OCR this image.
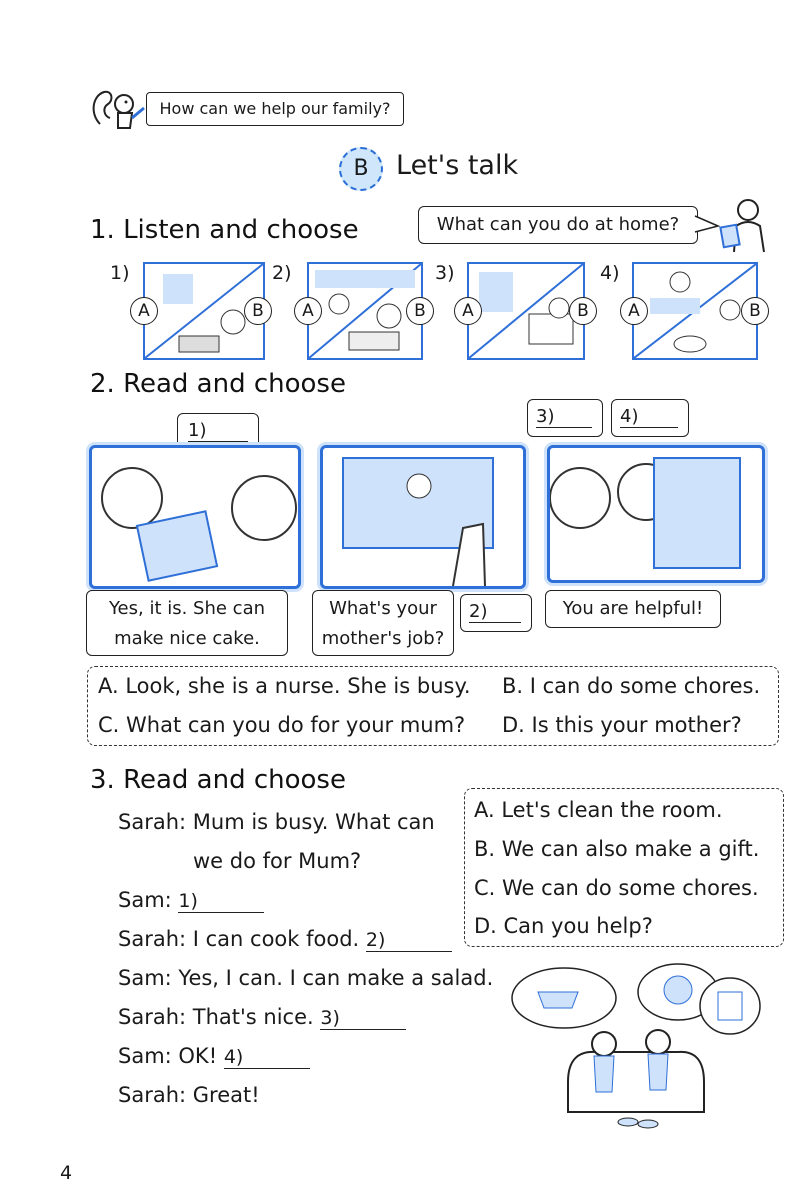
How can we help our family?
B	Let's talk
1. Listen and choose	What can you do at home?
1)
A	B
2)
A	B
3)
A	B
4)
A	B
2. Read and choose
1)
3)	4)
Yes, it is. She can
make nice cake.
What's your
mother's job?
2)	You are helpful!
A. Look, she is a nurse. She is busy. B. I can do some chores.
C. What can you do for your mum? D. Is this your mother?
3. Read and choose
A. Let's clean the room.
B. We can also make a gift.
C. We can do some chores.
D. Can you help?
Sarah: Mum is busy. What can
we do for Mum?
Sam: 1)
Sarah: I can cook food. 2)
Sam: Yes, I can. I can make a salad.
Sarah: That's nice. 3)
Sam: OK! 4)
Sarah: Great!
4
